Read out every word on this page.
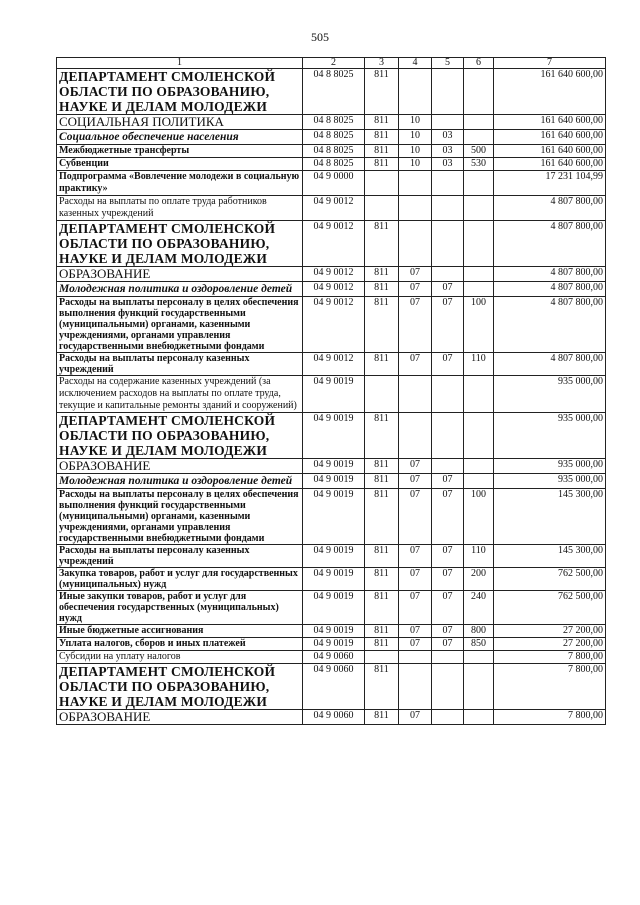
505
1	2	3	4	5	6	7
ДЕПАРТАМЕНТ СМОЛЕНСКОЙ ОБЛАСТИ ПО ОБРАЗОВАНИЮ, НАУКЕ И ДЕЛАМ МОЛОДЕЖИ	04 8 8025	811				161 640 600,00
СОЦИАЛЬНАЯ ПОЛИТИКА	04 8 8025	811	10			161 640 600,00
Социальное обеспечение населения	04 8 8025	811	10	03		161 640 600,00
Межбюджетные трансферты	04 8 8025	811	10	03	500	161 640 600,00
Субвенции	04 8 8025	811	10	03	530	161 640 600,00
Подпрограмма «Вовлечение молодежи в социальную практику»	04 9 0000					17 231 104,99
Расходы на выплаты по оплате труда работников казенных учреждений	04 9 0012					4 807 800,00
ДЕПАРТАМЕНТ СМОЛЕНСКОЙ ОБЛАСТИ ПО ОБРАЗОВАНИЮ, НАУКЕ И ДЕЛАМ МОЛОДЕЖИ	04 9 0012	811				4 807 800,00
ОБРАЗОВАНИЕ	04 9 0012	811	07			4 807 800,00
Молодежная политика и оздоровление детей	04 9 0012	811	07	07		4 807 800,00
Расходы на выплаты персоналу в целях обеспечения выполнения функций государственными (муниципальными) органами, казенными учреждениями, органами управления государственными внебюджетными фондами	04 9 0012	811	07	07	100	4 807 800,00
Расходы на выплаты персоналу казенных учреждений	04 9 0012	811	07	07	110	4 807 800,00
Расходы на содержание казенных учреждений (за исключением расходов на выплаты по оплате труда, текущие и капитальные ремонты зданий и сооружений)	04 9 0019					935 000,00
ДЕПАРТАМЕНТ СМОЛЕНСКОЙ ОБЛАСТИ ПО ОБРАЗОВАНИЮ, НАУКЕ И ДЕЛАМ МОЛОДЕЖИ	04 9 0019	811				935 000,00
ОБРАЗОВАНИЕ	04 9 0019	811	07			935 000,00
Молодежная политика и оздоровление детей	04 9 0019	811	07	07		935 000,00
Расходы на выплаты персоналу в целях обеспечения выполнения функций государственными (муниципальными) органами, казенными учреждениями, органами управления государственными внебюджетными фондами	04 9 0019	811	07	07	100	145 300,00
Расходы на выплаты персоналу казенных учреждений	04 9 0019	811	07	07	110	145 300,00
Закупка товаров, работ и услуг для государственных (муниципальных) нужд	04 9 0019	811	07	07	200	762 500,00
Иные закупки товаров, работ и услуг для обеспечения государственных (муниципальных) нужд	04 9 0019	811	07	07	240	762 500,00
Иные бюджетные ассигнования	04 9 0019	811	07	07	800	27 200,00
Уплата налогов, сборов и иных платежей	04 9 0019	811	07	07	850	27 200,00
Субсидии на уплату налогов	04 9 0060					7 800,00
ДЕПАРТАМЕНТ СМОЛЕНСКОЙ ОБЛАСТИ ПО ОБРАЗОВАНИЮ, НАУКЕ И ДЕЛАМ МОЛОДЕЖИ	04 9 0060	811				7 800,00
ОБРАЗОВАНИЕ	04 9 0060	811	07			7 800,00
